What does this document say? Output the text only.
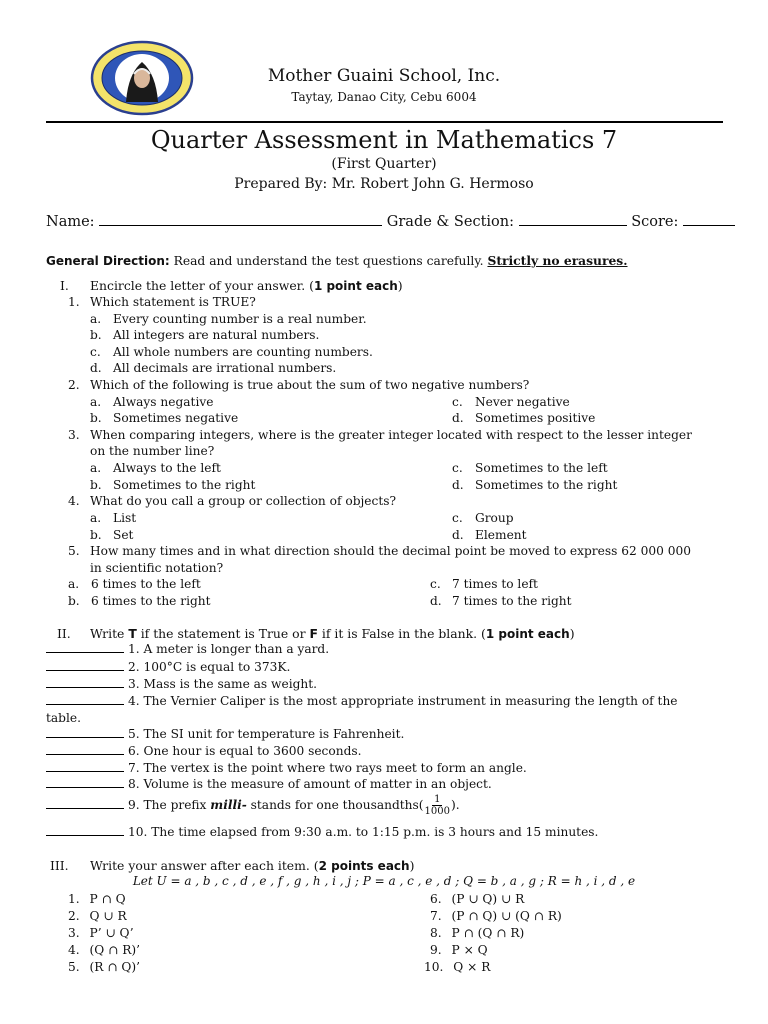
Mother Guaini School, Inc.
Taytay, Danao City, Cebu 6004
Quarter Assessment in Mathematics 7
(First Quarter)
Prepared By: Mr. Robert John G. Hermoso
Name:	Grade & Section:	Score:
General Direction: Read and understand the test questions carefully. Strictly no erasures.
I. Encircle the letter of your answer. (1 point each)
1. Which statement is TRUE?
a. Every counting number is a real number.
b. All integers are natural numbers.
c. All whole numbers are counting numbers.
d. All decimals are irrational numbers.
2. Which of the following is true about the sum of two negative numbers?
a. Always negative	c. Never negative
b. Sometimes negative	d. Sometimes positive
3. When comparing integers, where is the greater integer located with respect to the lesser integer
on the number line?
a. Always to the left	c. Sometimes to the left
b. Sometimes to the right	d. Sometimes to the right
4. What do you call a group or collection of objects?
a. List	c. Group
b. Set	d. Element
5. How many times and in what direction should the decimal point be moved to express 62 000 000
in scientific notation?
a. 6 times to the left	c. 7 times to left
b. 6 times to the right	d. 7 times to the right
II. Write T if the statement is True or F if it is False in the blank. (1 point each)
1. A meter is longer than a yard.
2. 100°C is equal to 373K.
3. Mass is the same as weight.
4. The Vernier Caliper is the most appropriate instrument in measuring the length of the
table.
5. The SI unit for temperature is Fahrenheit.
6. One hour is equal to 3600 seconds.
7. The vertex is the point where two rays meet to form an angle.
8. Volume is the measure of amount of matter in an object.
9. The prefix milli- stands for one thousandths( $\frac{1}{1000}$ ).
10. The time elapsed from 9:30 a.m. to 1:15 p.m. is 3 hours and 15 minutes.
III. Write your answer after each item. (2 points each)
Let U = a , b , c , d , e , f , g , h , i , j ; P = a , c , e , d ; Q = b , a , g ; R = h , i , d , e
1. P ∩ Q
2. Q ∪ R
3. P’ ∪ Q’
4. (Q ∩ R)’
5. (R ∩ Q)’
6. (P ∪ Q) ∪ R
7. (P ∩ Q) ∪ (Q ∩ R)
8. P ∩ (Q ∩ R)
9. P × Q
10. Q × R
